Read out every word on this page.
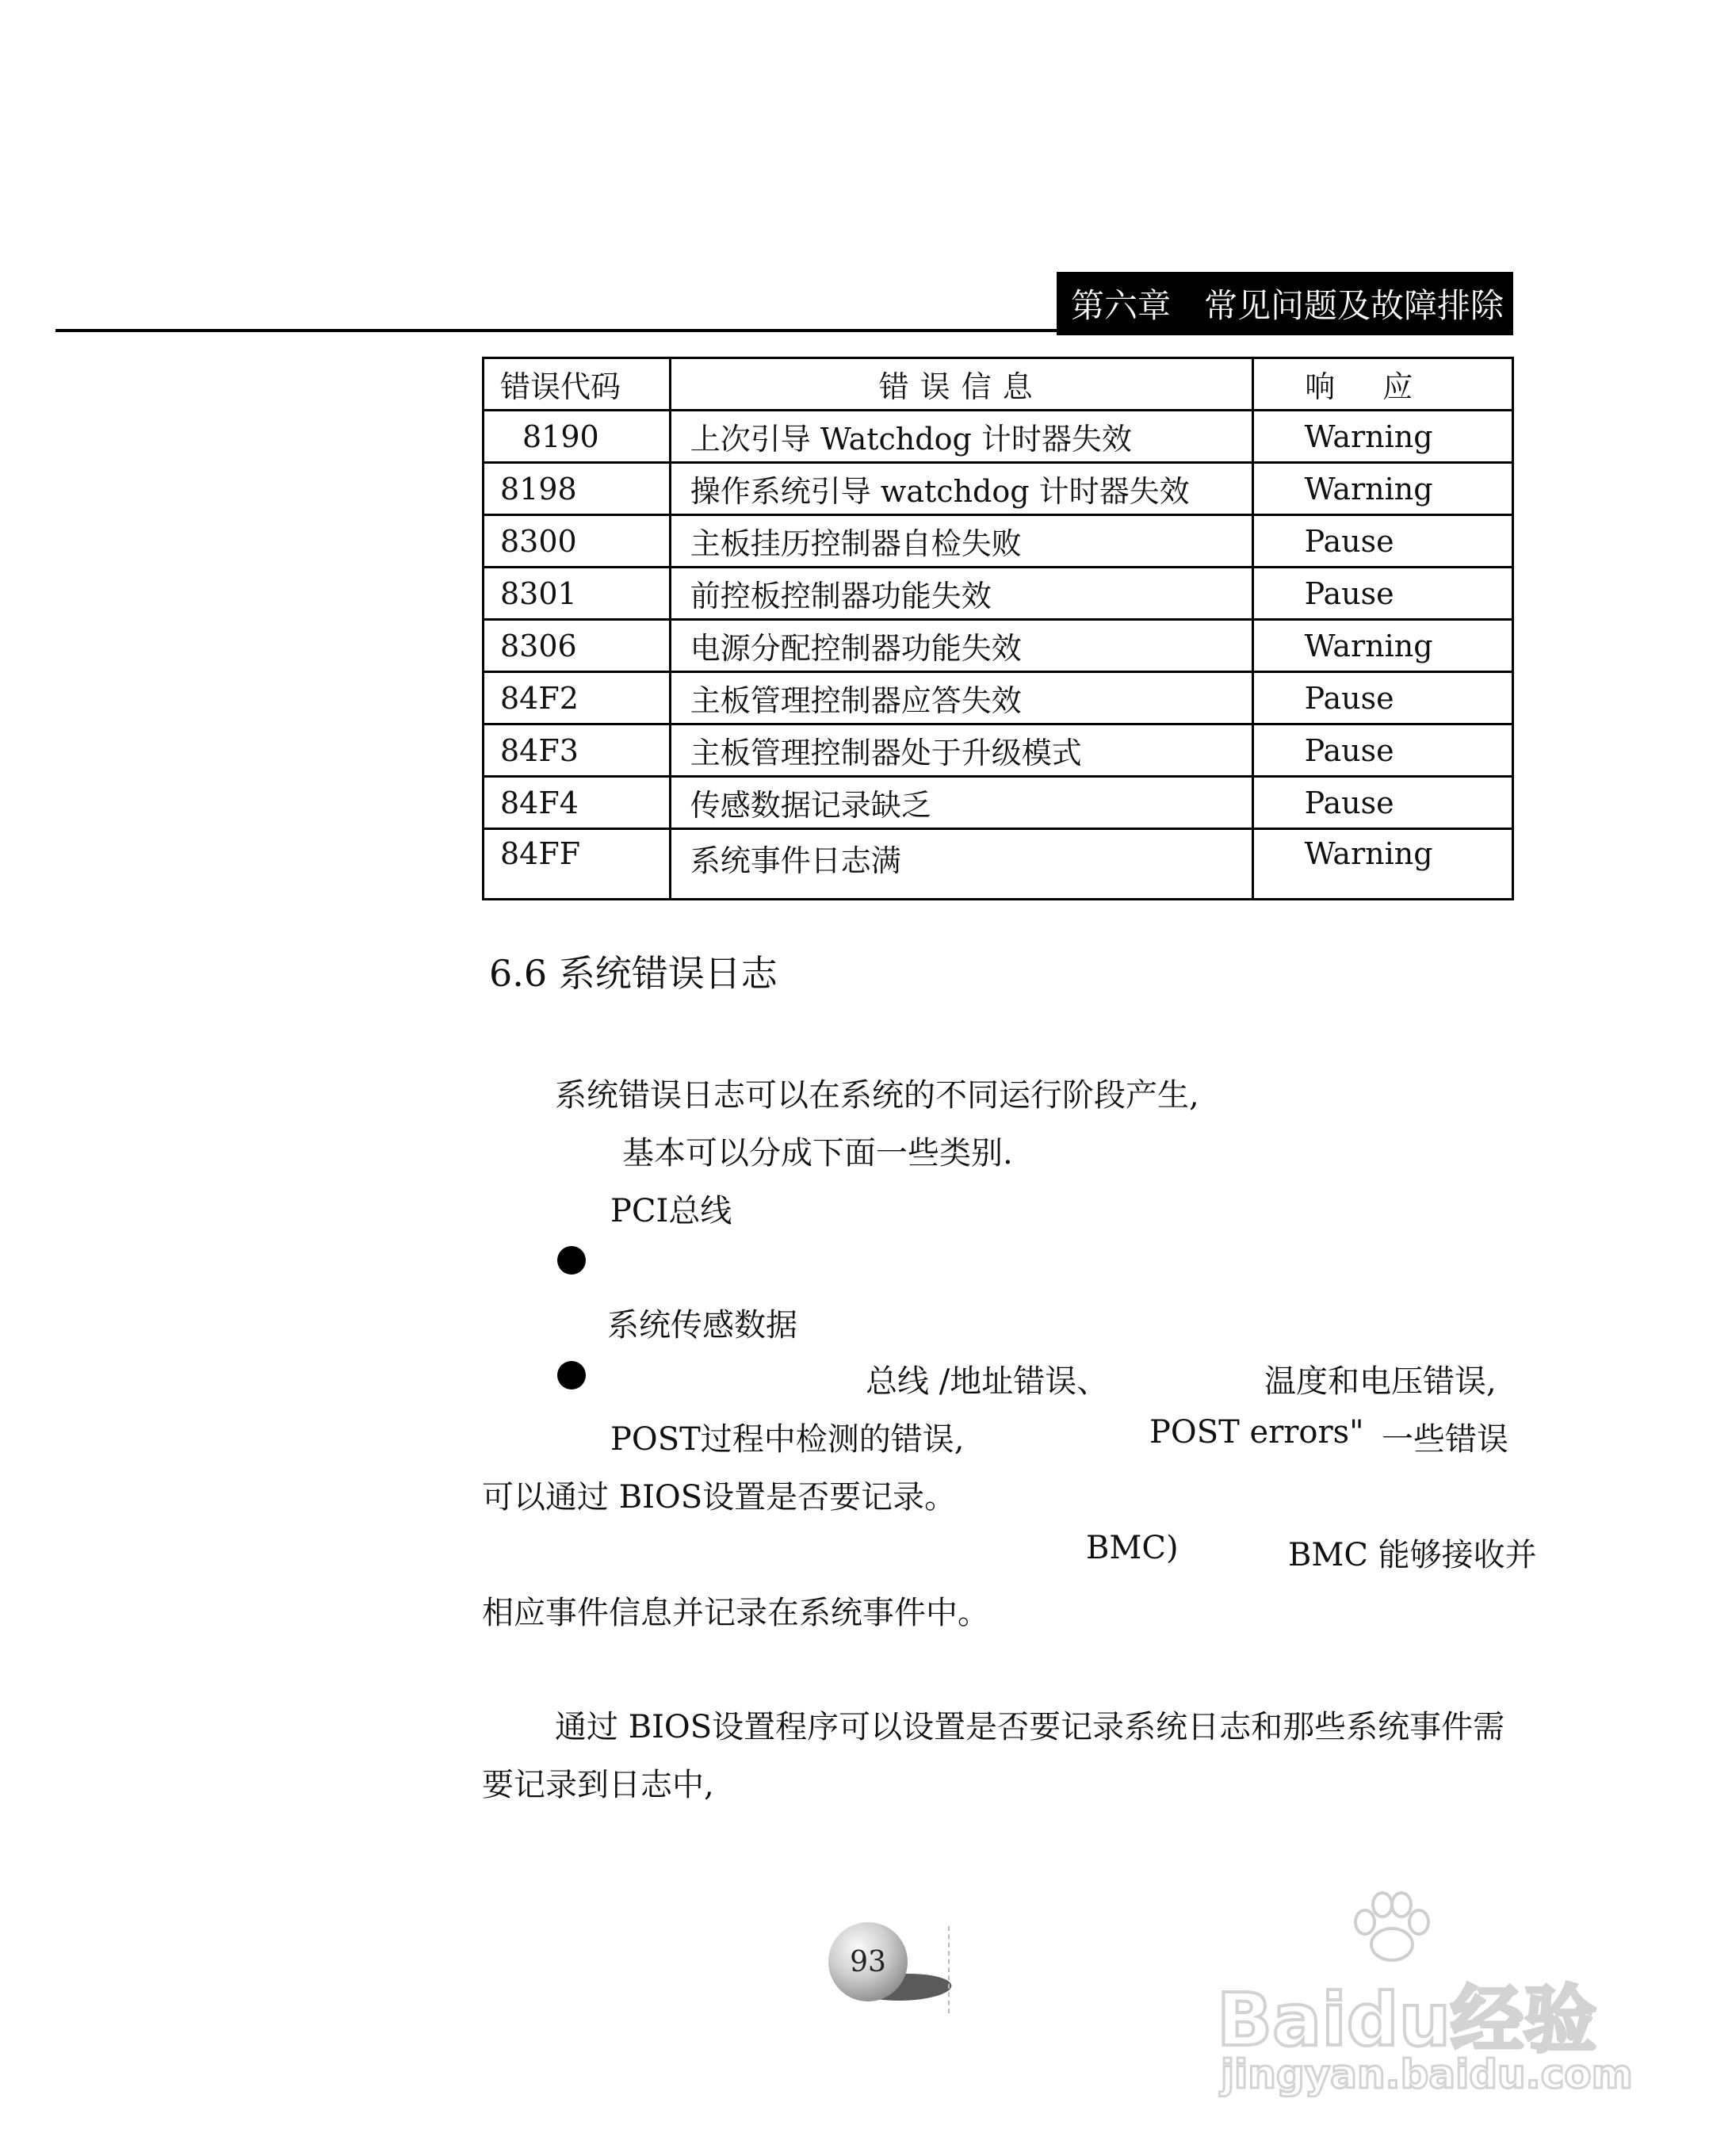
第六章　常见问题及故障排除
错误代码	错误信息	响应
8190	上次引导 Watchdog 计时器失效	Warning
8198	操作系统引导 watchdog 计时器失效	Warning
8300	主板挂历控制器自检失败	Pause
8301	前控板控制器功能失效	Pause
8306	电源分配控制器功能失效	Warning
84F2	主板管理控制器应答失效	Pause
84F3	主板管理控制器处于升级模式	Pause
84F4	传感数据记录缺乏	Pause
84FF	系统事件日志满	Warning
6.6 系统错误日志
系统错误日志可以在系统的不同运行阶段产生,
基本可以分成下面一些类别.
PCI总线
系统传感数据
总线 /地址错误、	温度和电压错误,
POST过程中检测的错误,	POST errors" 一些错误
可以通过 BIOS设置是否要记录。
BMC)	BMC 能够接收并
相应事件信息并记录在系统事件中。
通过 BIOS设置程序可以设置是否要记录系统日志和那些系统事件需
要记录到日志中,
93
Baidu经验
jingyan.baidu.com
